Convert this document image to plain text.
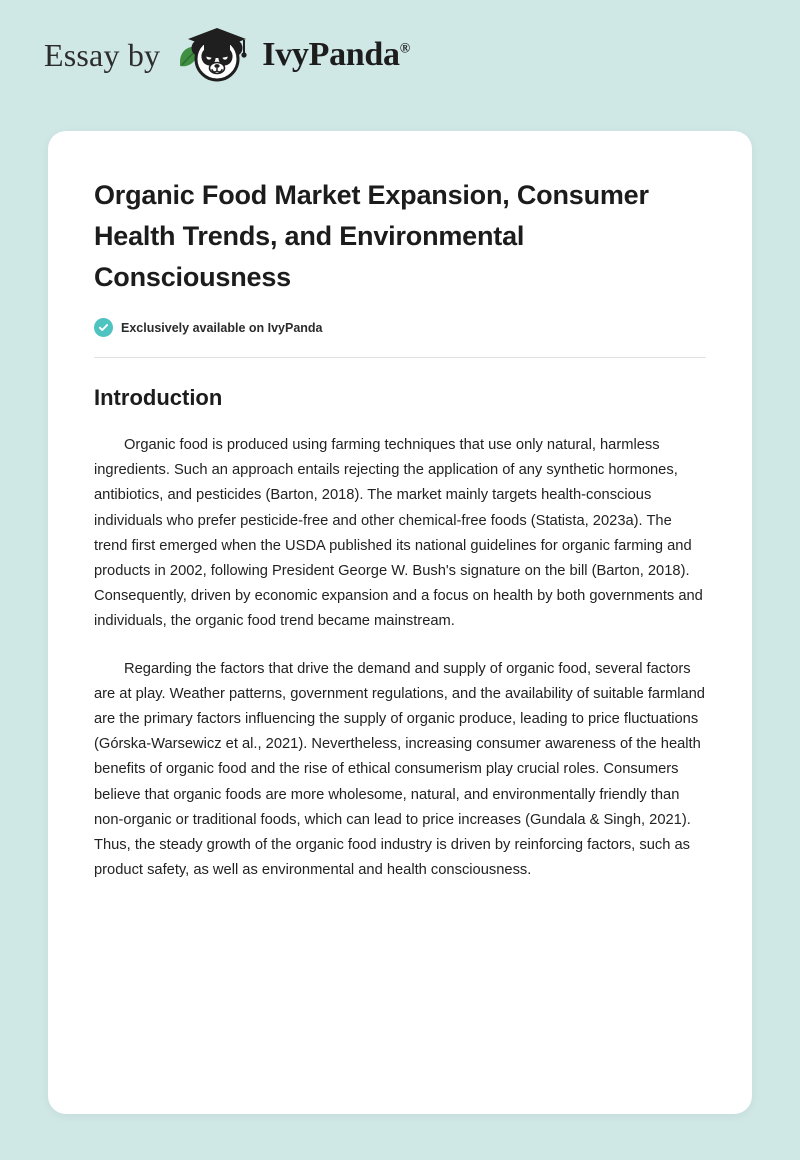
Essay by	IvyPanda®
Organic Food Market Expansion, Consumer Health Trends, and Environmental Consciousness
Exclusively available on IvyPanda
Introduction

Organic food is produced using farming techniques that use only natural, harmless ingredients. Such an approach entails rejecting the application of any synthetic hormones, antibiotics, and pesticides (Barton, 2018). The market mainly targets health-conscious individuals who prefer pesticide-free and other chemical-free foods (Statista, 2023a). The trend first emerged when the USDA published its national guidelines for organic farming and products in 2002, following President George W. Bush's signature on the bill (Barton, 2018). Consequently, driven by economic expansion and a focus on health by both governments and individuals, the organic food trend became mainstream.

Regarding the factors that drive the demand and supply of organic food, several factors are at play. Weather patterns, government regulations, and the availability of suitable farmland are the primary factors influencing the supply of organic produce, leading to price fluctuations (Górska-Warsewicz et al., 2021). Nevertheless, increasing consumer awareness of the health benefits of organic food and the rise of ethical consumerism play crucial roles. Consumers believe that organic foods are more wholesome, natural, and environmentally friendly than non-organic or traditional foods, which can lead to price increases (Gundala & Singh, 2021). Thus, the steady growth of the organic food industry is driven by reinforcing factors, such as product safety, as well as environmental and health consciousness.
